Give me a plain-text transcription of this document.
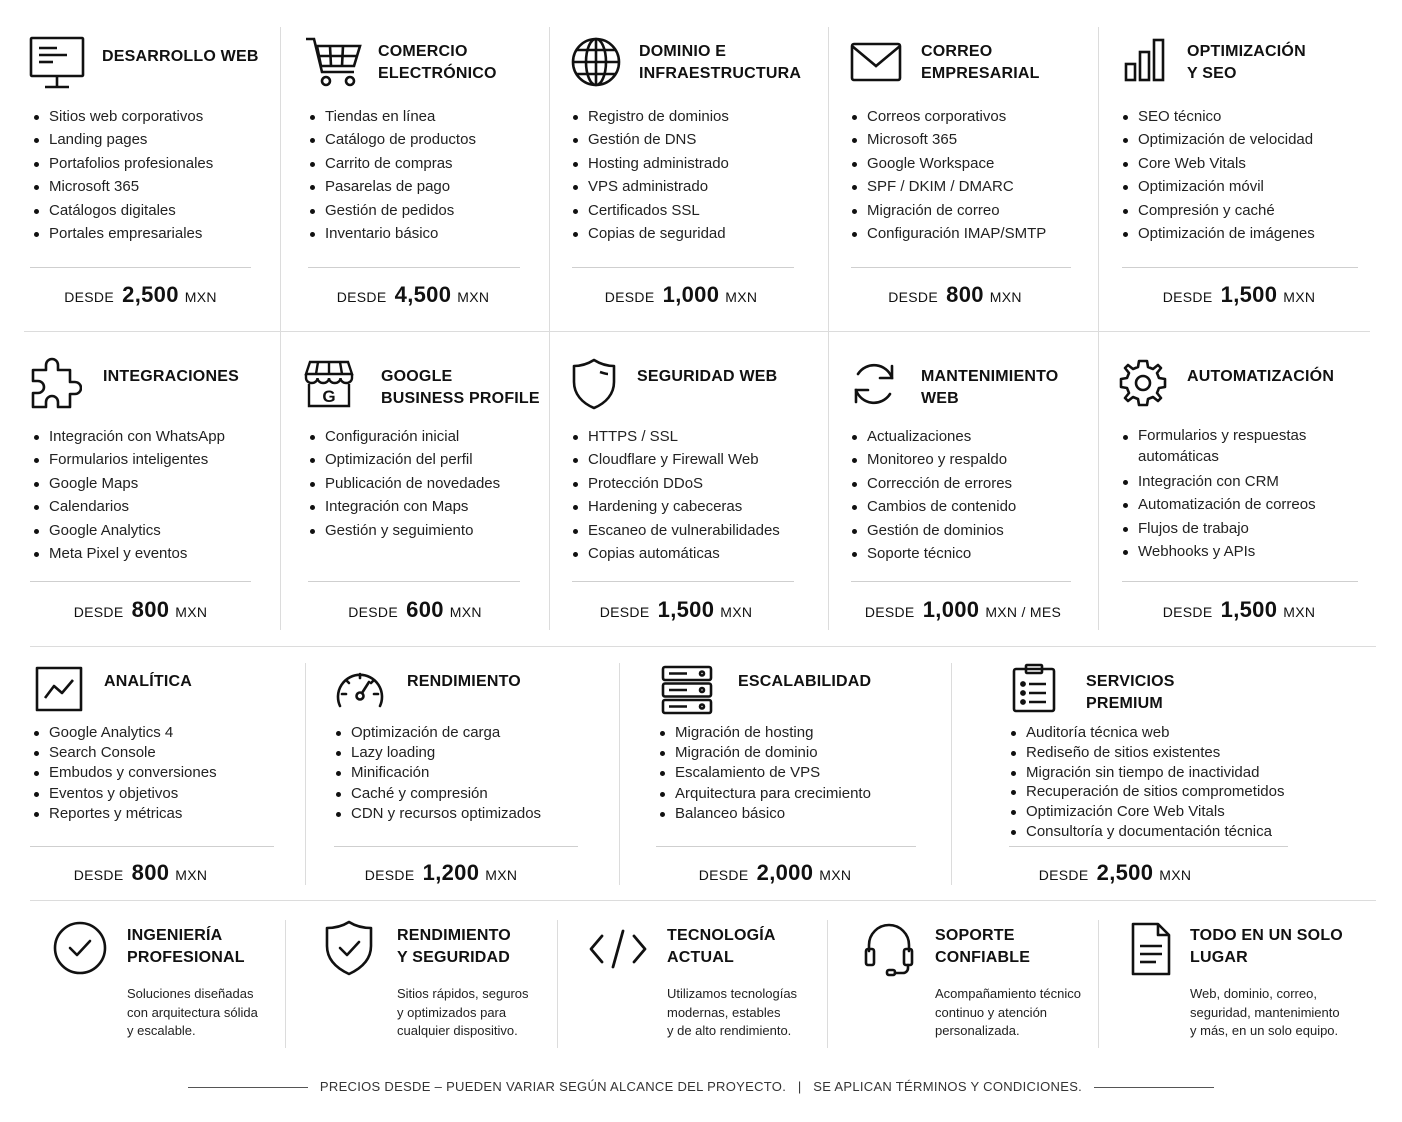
DESARROLLO WEB
Sitios web corporativos
Landing pages
Portafolios profesionales
Microsoft 365
Catálogos digitales
Portales empresariales
DESDE 2,500 MXN
COMERCIO
ELECTRÓNICO
Tiendas en línea
Catálogo de productos
Carrito de compras
Pasarelas de pago
Gestión de pedidos
Inventario básico
DESDE 4,500 MXN
DOMINIO E
INFRAESTRUCTURA
Registro de dominios
Gestión de DNS
Hosting administrado
VPS administrado
Certificados SSL
Copias de seguridad
DESDE 1,000 MXN
CORREO
EMPRESARIAL
Correos corporativos
Microsoft 365
Google Workspace
SPF / DKIM / DMARC
Migración de correo
Configuración IMAP/SMTP
DESDE 800 MXN
OPTIMIZACIÓN
Y SEO
SEO técnico
Optimización de velocidad
Core Web Vitals
Optimización móvil
Compresión y caché
Optimización de imágenes
DESDE 1,500 MXN
INTEGRACIONES
Integración con WhatsApp
Formularios inteligentes
Google Maps
Calendarios
Google Analytics
Meta Pixel y eventos
DESDE 800 MXN
G
GOOGLE
BUSINESS PROFILE
Configuración inicial
Optimización del perfil
Publicación de novedades
Integración con Maps
Gestión y seguimiento
DESDE 600 MXN
SEGURIDAD WEB
HTTPS / SSL
Cloudflare y Firewall Web
Protección DDoS
Hardening y cabeceras
Escaneo de vulnerabilidades
Copias automáticas
DESDE 1,500 MXN
MANTENIMIENTO
WEB
Actualizaciones
Monitoreo y respaldo
Corrección de errores
Cambios de contenido
Gestión de dominios
Soporte técnico
DESDE 1,000 MXN / MES
AUTOMATIZACIÓN
Formularios y respuestas automáticas
Integración con CRM
Automatización de correos
Flujos de trabajo
Webhooks y APIs
DESDE 1,500 MXN
ANALÍTICA
Google Analytics 4
Search Console
Embudos y conversiones
Eventos y objetivos
Reportes y métricas
DESDE 800 MXN
RENDIMIENTO
Optimización de carga
Lazy loading
Minificación
Caché y compresión
CDN y recursos optimizados
DESDE 1,200 MXN
ESCALABILIDAD
Migración de hosting
Migración de dominio
Escalamiento de VPS
Arquitectura para crecimiento
Balanceo básico
DESDE 2,000 MXN
SERVICIOS
PREMIUM
Auditoría técnica web
Rediseño de sitios existentes
Migración sin tiempo de inactividad
Recuperación de sitios comprometidos
Optimización Core Web Vitals
Consultoría y documentación técnica
DESDE 2,500 MXN
INGENIERÍA
PROFESIONAL
Soluciones diseñadas
con arquitectura sólida
y escalable.
RENDIMIENTO
Y SEGURIDAD
Sitios rápidos, seguros
y optimizados para
cualquier dispositivo.
TECNOLOGÍA
ACTUAL
Utilizamos tecnologías
modernas, estables
y de alto rendimiento.
SOPORTE
CONFIABLE
Acompañamiento técnico
continuo y atención
personalizada.
TODO EN UN SOLO
LUGAR
Web, dominio, correo,
seguridad, mantenimiento
y más, en un solo equipo.
PRECIOS DESDE – PUEDEN VARIAR SEGÚN ALCANCE DEL PROYECTO.   |   SE APLICAN TÉRMINOS Y CONDICIONES.
